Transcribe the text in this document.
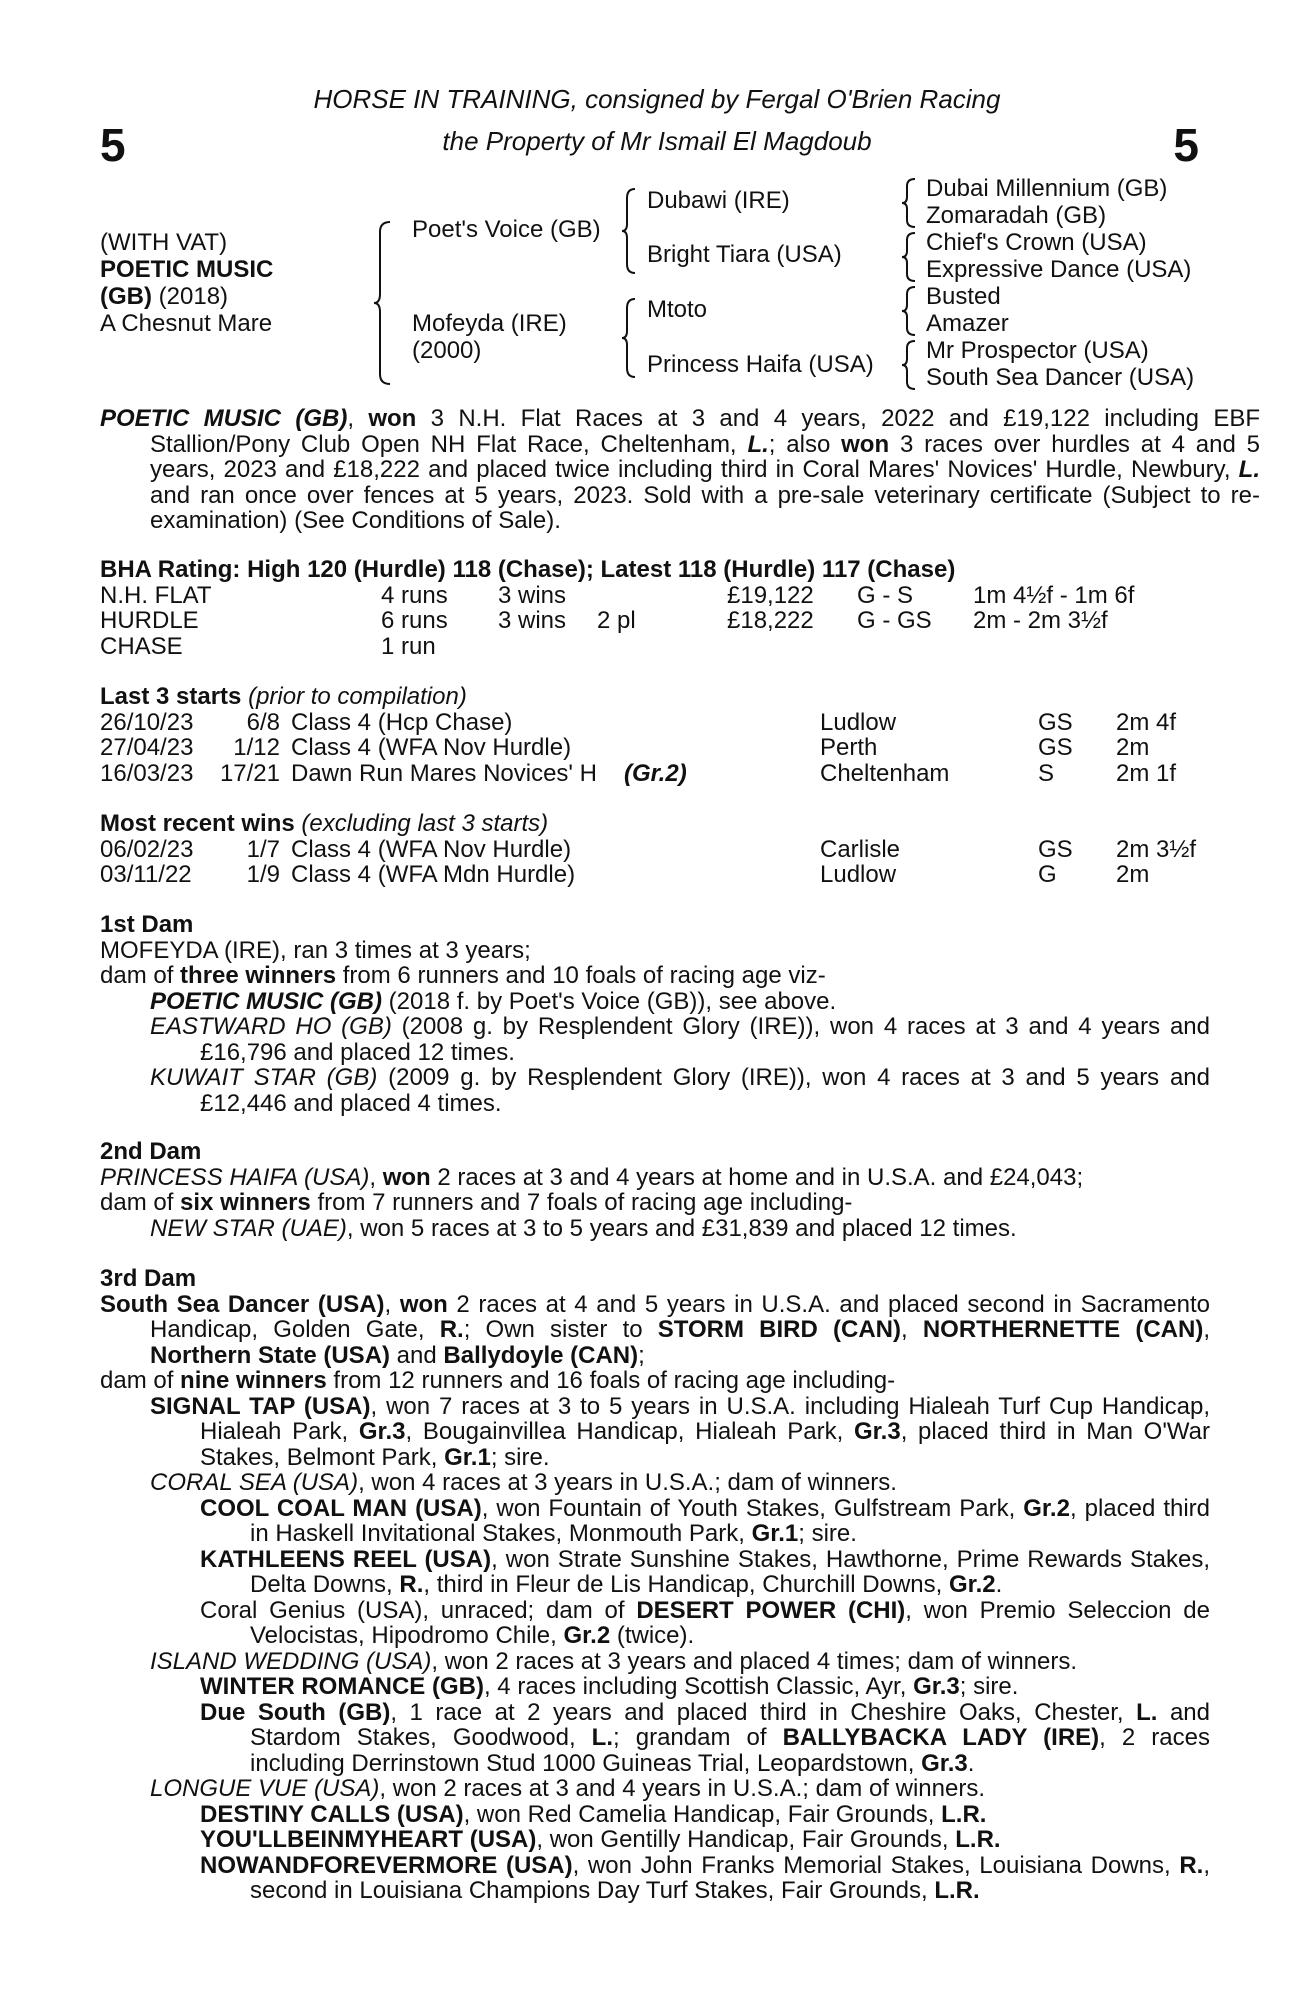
5	5
HORSE IN TRAINING, consigned by Fergal O'Brien Racing
the Property of Mr Ismail El Magdoub
(WITH VAT)
POETIC MUSIC
(GB) (2018)
A Chesnut Mare
Poet's Voice (GB)
Mofeyda (IRE)
(2000)
Dubawi (IRE)
Bright Tiara (USA)
Mtoto
Princess Haifa (USA)
Dubai Millennium (GB)
Zomaradah (GB)
Chief's Crown (USA)
Expressive Dance (USA)
Busted
Amazer
Mr Prospector (USA)
South Sea Dancer (USA)
POETIC MUSIC (GB), won 3 N.H. Flat Races at 3 and 4 years, 2022 and £19,122 including EBF Stallion/Pony Club Open NH Flat Race, Cheltenham, L.; also won 3 races over hurdles at 4 and 5 years, 2023 and £18,222 and placed twice including third in Coral Mares' Novices' Hurdle, Newbury, L. and ran once over fences at 5 years, 2023. Sold with a pre-sale veterinary certificate (Subject to re-examination) (See Conditions of Sale).
BHA Rating: High 120 (Hurdle) 118 (Chase); Latest 118 (Hurdle) 117 (Chase)
N.H. FLAT	4 runs 3 wins	£19,122 G - S 1m 4½f - 1m 6f
HURDLE	6 runs 3 wins 2 pl	£18,222 G - GS 2m - 2m 3½f
CHASE	1 run
Last 3 starts (prior to compilation)
26/10/23 6/8 Class 4 (Hcp Chase)	Ludlow	GS 2m 4f
27/04/23 1/12 Class 4 (WFA Nov Hurdle)	Perth	GS 2m
16/03/23 17/21 Dawn Run Mares Novices' H (Gr.2)	Cheltenham	S	2m 1f
Most recent wins (excluding last 3 starts)
06/02/23 1/7 Class 4 (WFA Nov Hurdle)	Carlisle	GS 2m 3½f
03/11/22 1/9 Class 4 (WFA Mdn Hurdle)	Ludlow	G 2m
1st Dam
MOFEYDA (IRE), ran 3 times at 3 years;
dam of three winners from 6 runners and 10 foals of racing age viz-
POETIC MUSIC (GB) (2018 f. by Poet's Voice (GB)), see above.
EASTWARD HO (GB) (2008 g. by Resplendent Glory (IRE)), won 4 races at 3 and 4 years and £16,796 and placed 12 times.
KUWAIT STAR (GB) (2009 g. by Resplendent Glory (IRE)), won 4 races at 3 and 5 years and £12,446 and placed 4 times.
2nd Dam
PRINCESS HAIFA (USA), won 2 races at 3 and 4 years at home and in U.S.A. and £24,043;
dam of six winners from 7 runners and 7 foals of racing age including-
NEW STAR (UAE), won 5 races at 3 to 5 years and £31,839 and placed 12 times.
3rd Dam
South Sea Dancer (USA), won 2 races at 4 and 5 years in U.S.A. and placed second in Sacramento Handicap, Golden Gate, R.; Own sister to STORM BIRD (CAN), NORTHERNETTE (CAN), Northern State (USA) and Ballydoyle (CAN);
dam of nine winners from 12 runners and 16 foals of racing age including-
SIGNAL TAP (USA), won 7 races at 3 to 5 years in U.S.A. including Hialeah Turf Cup Handicap, Hialeah Park, Gr.3, Bougainvillea Handicap, Hialeah Park, Gr.3, placed third in Man O'War Stakes, Belmont Park, Gr.1; sire.
CORAL SEA (USA), won 4 races at 3 years in U.S.A.; dam of winners.
COOL COAL MAN (USA), won Fountain of Youth Stakes, Gulfstream Park, Gr.2, placed third in Haskell Invitational Stakes, Monmouth Park, Gr.1; sire.
KATHLEENS REEL (USA), won Strate Sunshine Stakes, Hawthorne, Prime Rewards Stakes, Delta Downs, R., third in Fleur de Lis Handicap, Churchill Downs, Gr.2.
Coral Genius (USA), unraced; dam of DESERT POWER (CHI), won Premio Seleccion de Velocistas, Hipodromo Chile, Gr.2 (twice).
ISLAND WEDDING (USA), won 2 races at 3 years and placed 4 times; dam of winners.
WINTER ROMANCE (GB), 4 races including Scottish Classic, Ayr, Gr.3; sire.
Due South (GB), 1 race at 2 years and placed third in Cheshire Oaks, Chester, L. and Stardom Stakes, Goodwood, L.; grandam of BALLYBACKA LADY (IRE), 2 races including Derrinstown Stud 1000 Guineas Trial, Leopardstown, Gr.3.
LONGUE VUE (USA), won 2 races at 3 and 4 years in U.S.A.; dam of winners.
DESTINY CALLS (USA), won Red Camelia Handicap, Fair Grounds, L.R.
YOU'LLBEINMYHEART (USA), won Gentilly Handicap, Fair Grounds, L.R.
NOWANDFOREVERMORE (USA), won John Franks Memorial Stakes, Louisiana Downs, R., second in Louisiana Champions Day Turf Stakes, Fair Grounds, L.R.
